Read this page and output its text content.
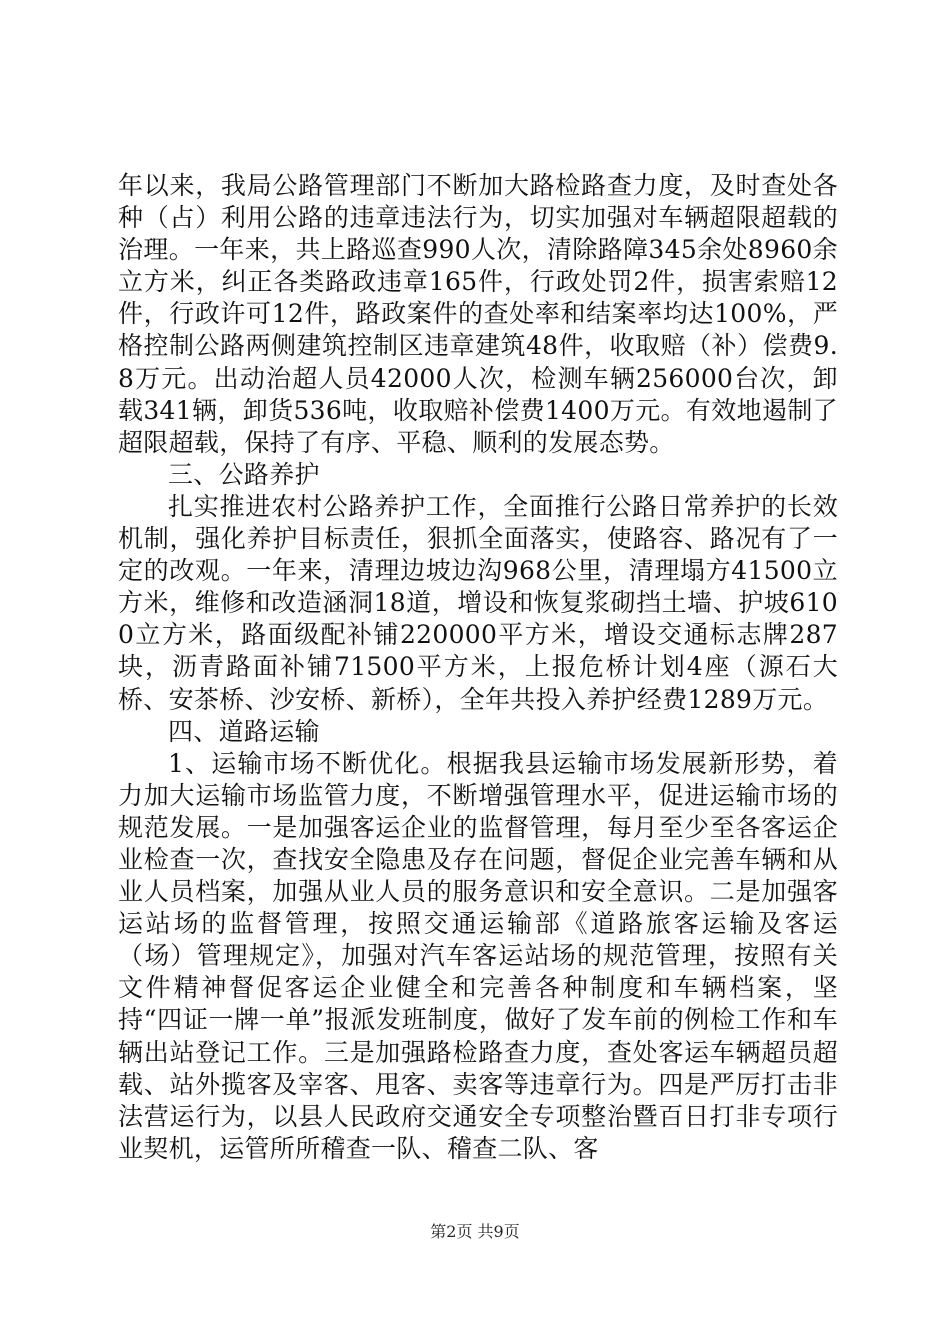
年以来，我局公路管理部门不断加大路检路查力度，及时查处各种（占）利用公路的违章违法行为，切实加强对车辆超限超载的治理。一年来，共上路巡查990人次，清除路障345余处8960余立方米，纠正各类路政违章165件，行政处罚2件，损害索赔12件，行政许可12件，路政案件的查处率和结案率均达100%，严格控制公路两侧建筑控制区违章建筑48件，收取赔（补）偿费9.8万元。出动治超人员42000人次，检测车辆256000台次，卸载341辆，卸货536吨，收取赔补偿费1400万元。有效地遏制了超限超载，保持了有序、平稳、顺利的发展态势。

三、公路养护

扎实推进农村公路养护工作，全面推行公路日常养护的长效机制，强化养护目标责任，狠抓全面落实，使路容、路况有了一定的改观。一年来，清理边坡边沟968公里，清理塌方41500立方米，维修和改造涵洞18道，增设和恢复浆砌挡土墙、护坡6100立方米，路面级配补铺220000平方米，增设交通标志牌287块，沥青路面补铺71500平方米，上报危桥计划4座（源石大桥、安茶桥、沙安桥、新桥），全年共投入养护经费1289万元。

四、道路运输

1、运输市场不断优化。根据我县运输市场发展新形势，着力加大运输市场监管力度，不断增强管理水平，促进运输市场的规范发展。一是加强客运企业的监督管理，每月至少至各客运企业检查一次，查找安全隐患及存在问题，督促企业完善车辆和从业人员档案，加强从业人员的服务意识和安全意识。二是加强客运站场的监督管理，按照交通运输部《道路旅客运输及客运（场）管理规定》，加强对汽车客运站场的规范管理，按照有关文件精神督促客运企业健全和完善各种制度和车辆档案，坚持“四证一牌一单”报派发班制度，做好了发车前的例检工作和车辆出站登记工作。三是加强路检路查力度，查处客运车辆超员超载、站外揽客及宰客、甩客、卖客等违章行为。四是严厉打击非法营运行为，以县人民政府交通安全专项整治暨百日打非专项行业契机，运管所所稽查一队、稽查二队、客

第2页 共9页
